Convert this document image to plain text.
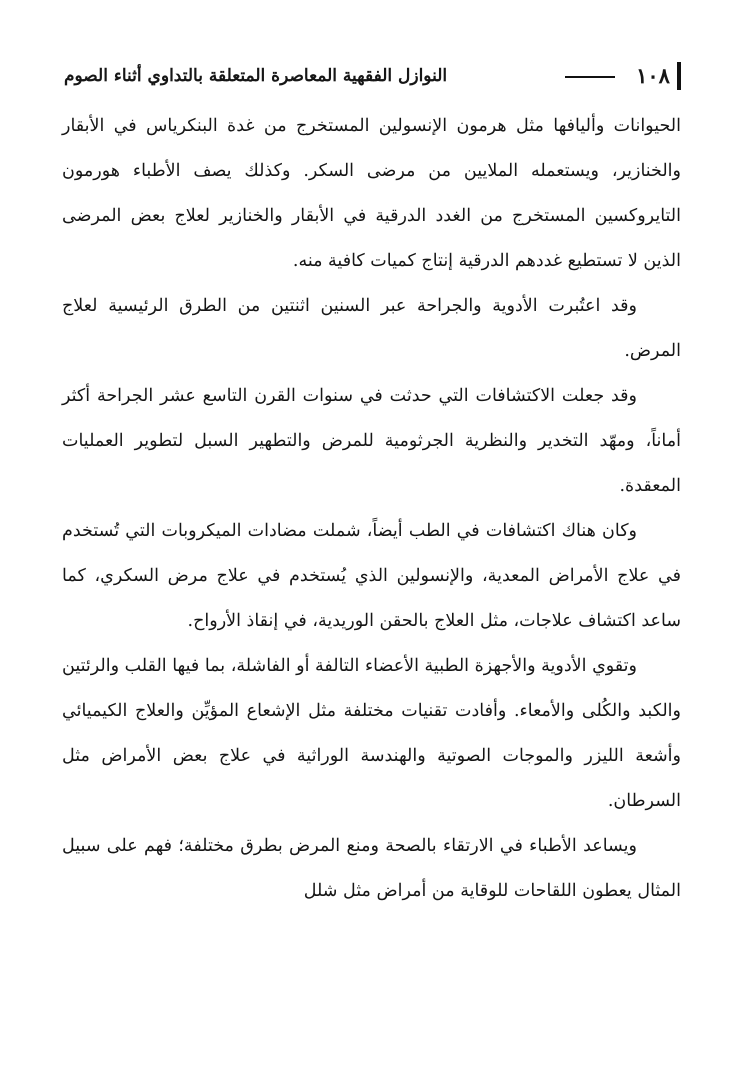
١٠٨
النوازل الفقهية المعاصرة المتعلقة بالتداوي أثناء الصوم

الحيوانات وأليافها مثل هرمون الإنسولين المستخرج من غدة البنكرياس في الأبقار والخنازير، ويستعمله الملايين من مرضى السكر. وكذلك يصف الأطباء هورمون التايروكسين المستخرج من الغدد الدرقية في الأبقار والخنازير لعلاج بعض المرضى الذين لا تستطيع غددهم الدرقية إنتاج كميات كافية منه.

وقد اعتُبرت الأدوية والجراحة عبر السنين اثنتين من الطرق الرئيسية لعلاج المرض.

وقد جعلت الاكتشافات التي حدثت في سنوات القرن التاسع عشر الجراحة أكثر أماناً، ومهّد التخدير والنظرية الجرثومية للمرض والتطهير السبل لتطوير العمليات المعقدة.

وكان هناك اكتشافات في الطب أيضاً، شملت مضادات الميكروبات التي تُستخدم في علاج الأمراض المعدية، والإنسولين الذي يُستخدم في علاج مرض السكري، كما ساعد اكتشاف علاجات، مثل العلاج بالحقن الوريدية، في إنقاذ الأرواح.

وتقوي الأدوية والأجهزة الطبية الأعضاء التالفة أو الفاشلة، بما فيها القلب والرئتين والكبد والكُلى والأمعاء. وأفادت تقنيات مختلفة مثل الإشعاع المؤيِّن والعلاج الكيميائي وأشعة الليزر والموجات الصوتية والهندسة الوراثية في علاج بعض الأمراض مثل السرطان.

ويساعد الأطباء في الارتقاء بالصحة ومنع المرض بطرق مختلفة؛ فهم على سبيل المثال يعطون اللقاحات للوقاية من أمراض مثل شلل
